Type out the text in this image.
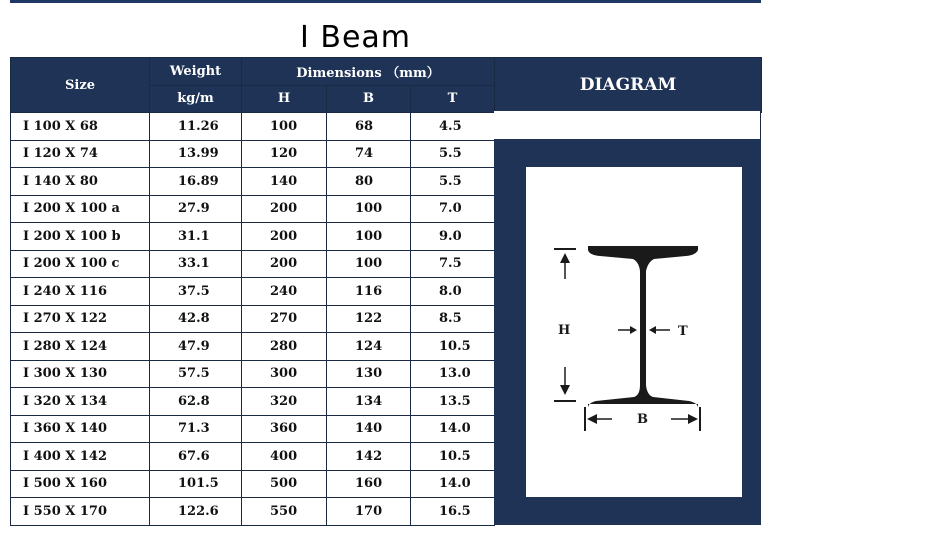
I Beam
Size	Weight	Dimensions （mm）			DIAGRAM
	kg/m	H	B	T	
I 100 X 68	11.26	100	68	4.5	
I 120 X 74	13.99	120	74	5.5	
I 140 X 80	16.89	140	80	5.5	
I 200 X 100 a	27.9	200	100	7.0	
I 200 X 100 b	31.1	200	100	9.0	
I 200 X 100 c	33.1	200	100	7.5	
I 240 X 116	37.5	240	116	8.0	
I 270 X 122	42.8	270	122	8.5	
I 280 X 124	47.9	280	124	10.5	
I 300 X 130	57.5	300	130	13.0	
I 320 X 134	62.8	320	134	13.5	
I 360 X 140	71.3	360	140	14.0	
I 400 X 142	67.6	400	142	10.5	
I 500 X 160	101.5	500	160	14.0	
I 550 X 170	122.6	550	170	16.5	
H	T
B
